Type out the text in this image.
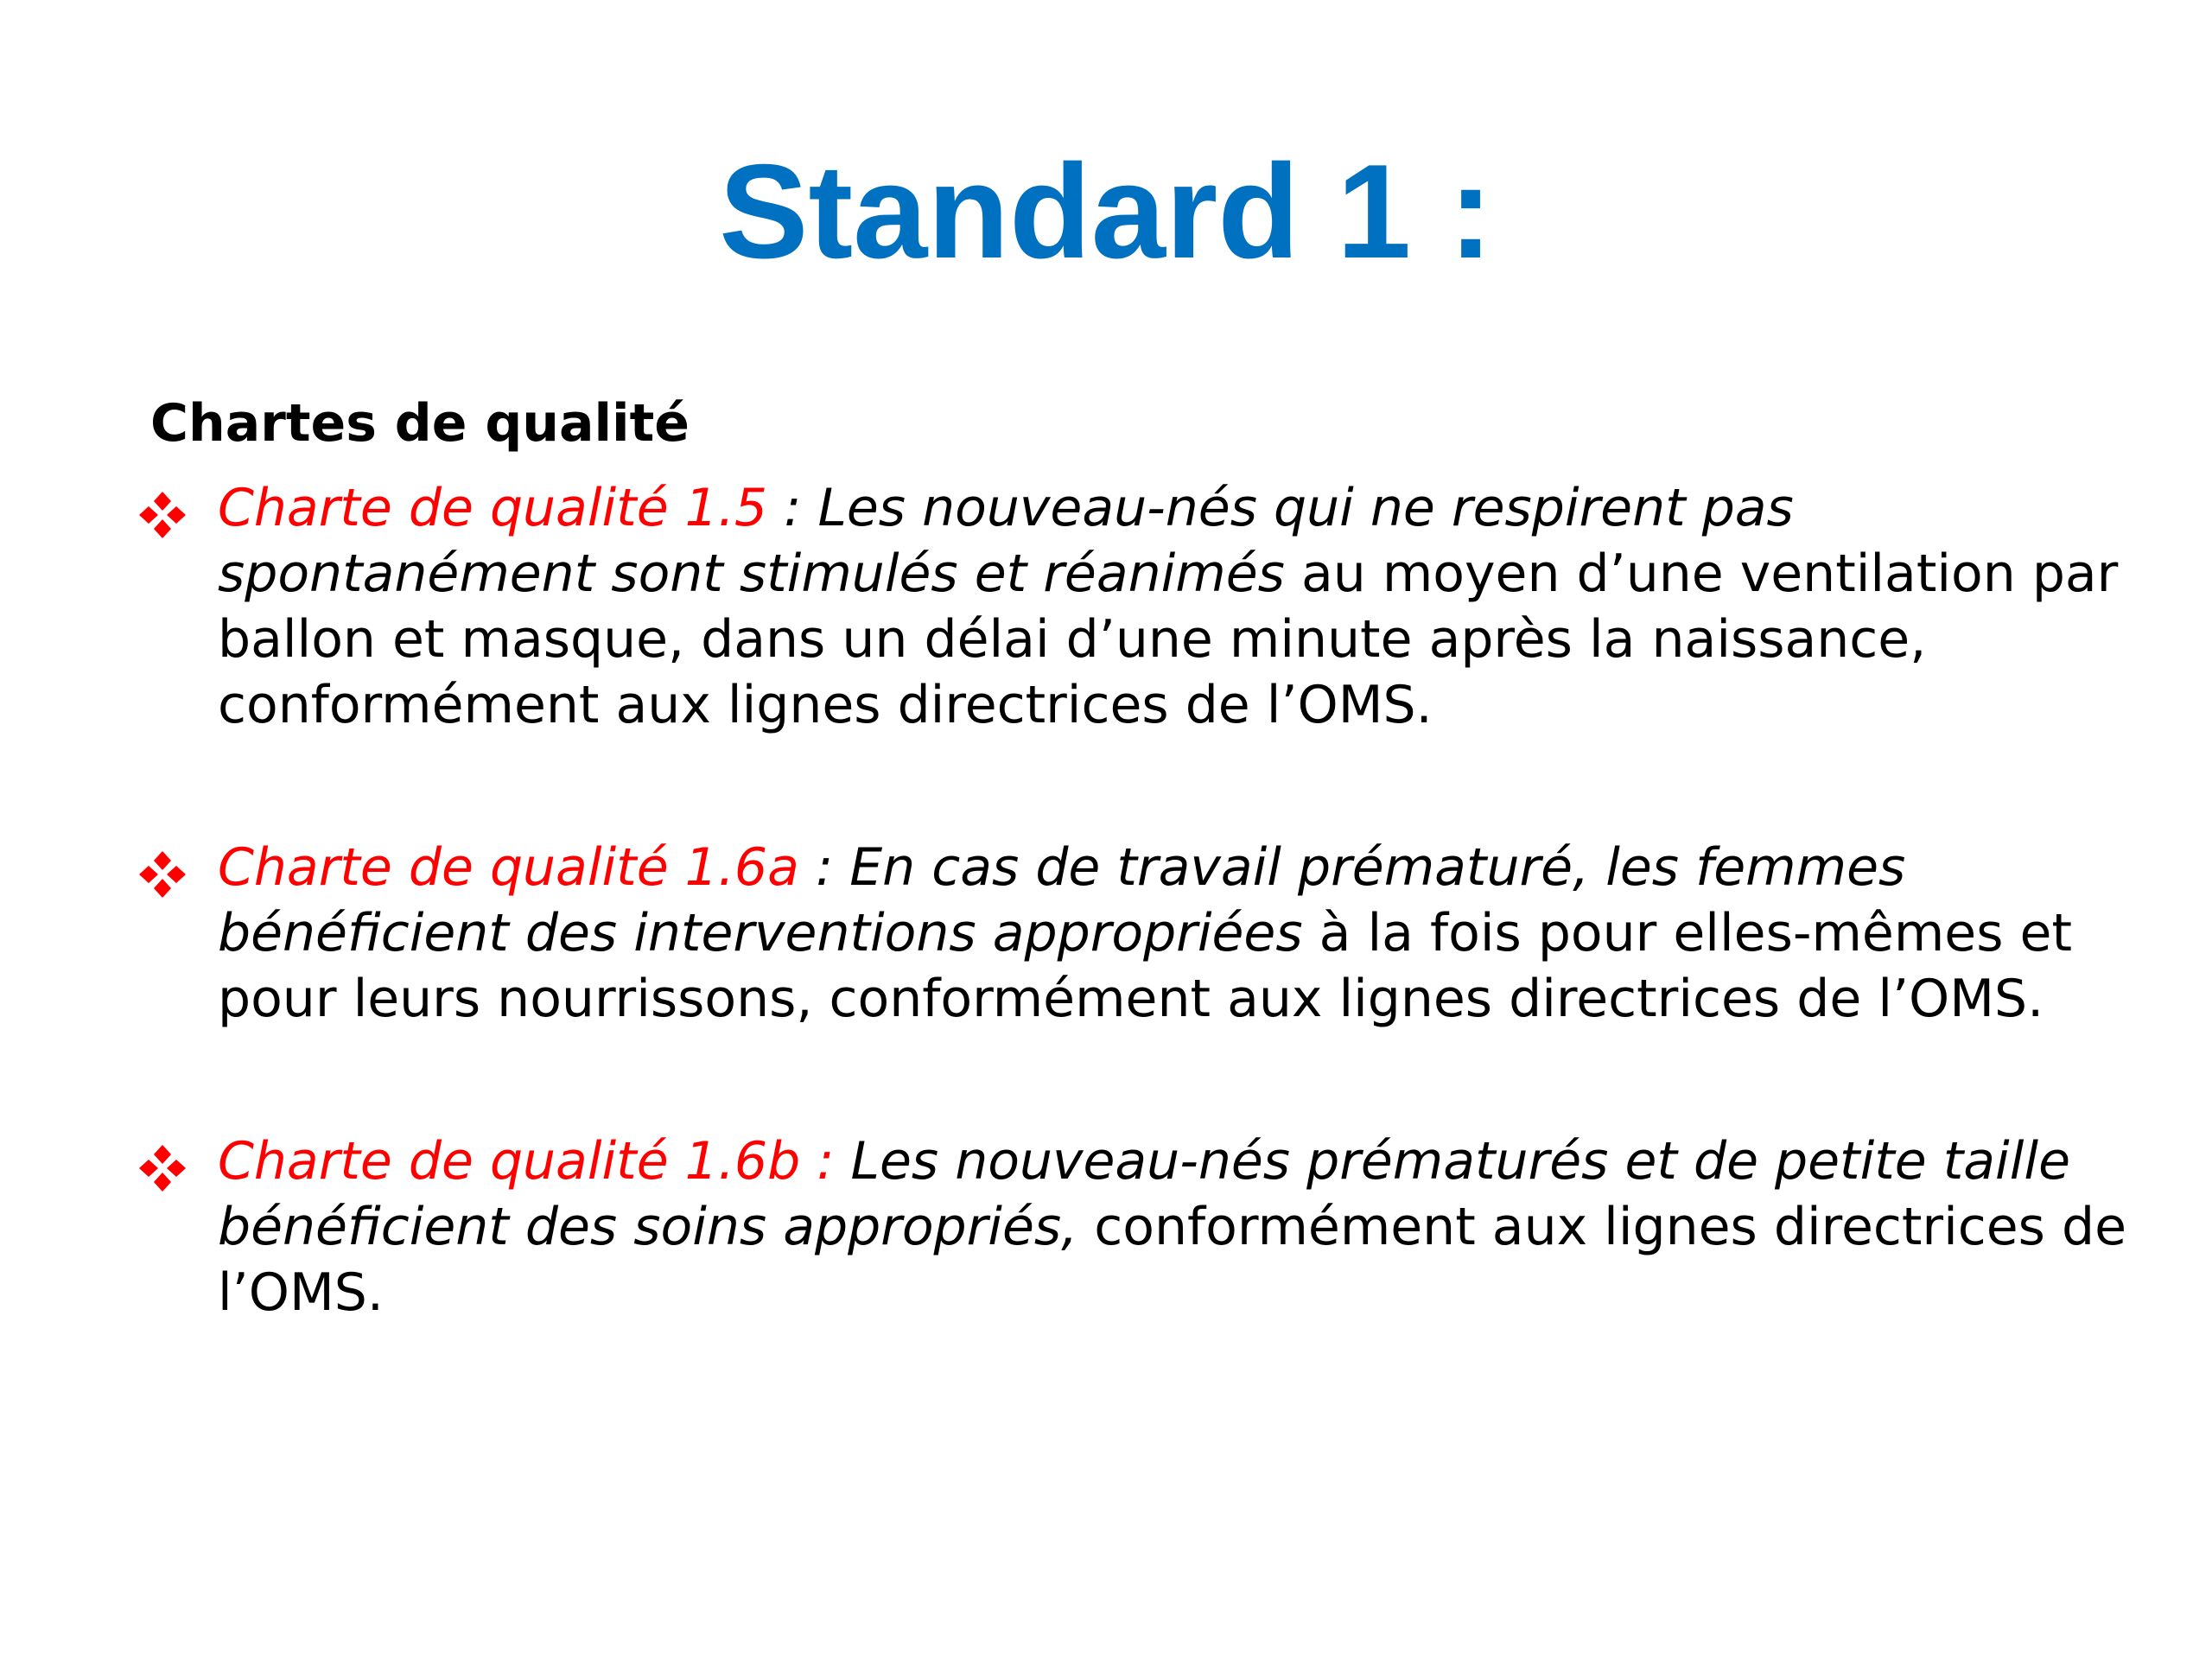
Standard 1 :

Chartes de qualité

Charte de qualité 1.5 : Les nouveau-nés qui ne respirent pas spontanément sont stimulés et réanimés au moyen d’une ventilation par ballon et masque, dans un délai d’une minute après la naissance, conformément aux lignes directrices de l’OMS.
Charte de qualité 1.6a : En cas de travail prématuré, les femmes bénéficient des interventions appropriées à la fois pour elles-mêmes et pour leurs nourrissons, conformément aux lignes directrices de l’OMS.
Charte de qualité 1.6b : Les nouveau-nés prématurés et de petite taille bénéficient des soins appropriés, conformément aux lignes directrices de l’OMS.
